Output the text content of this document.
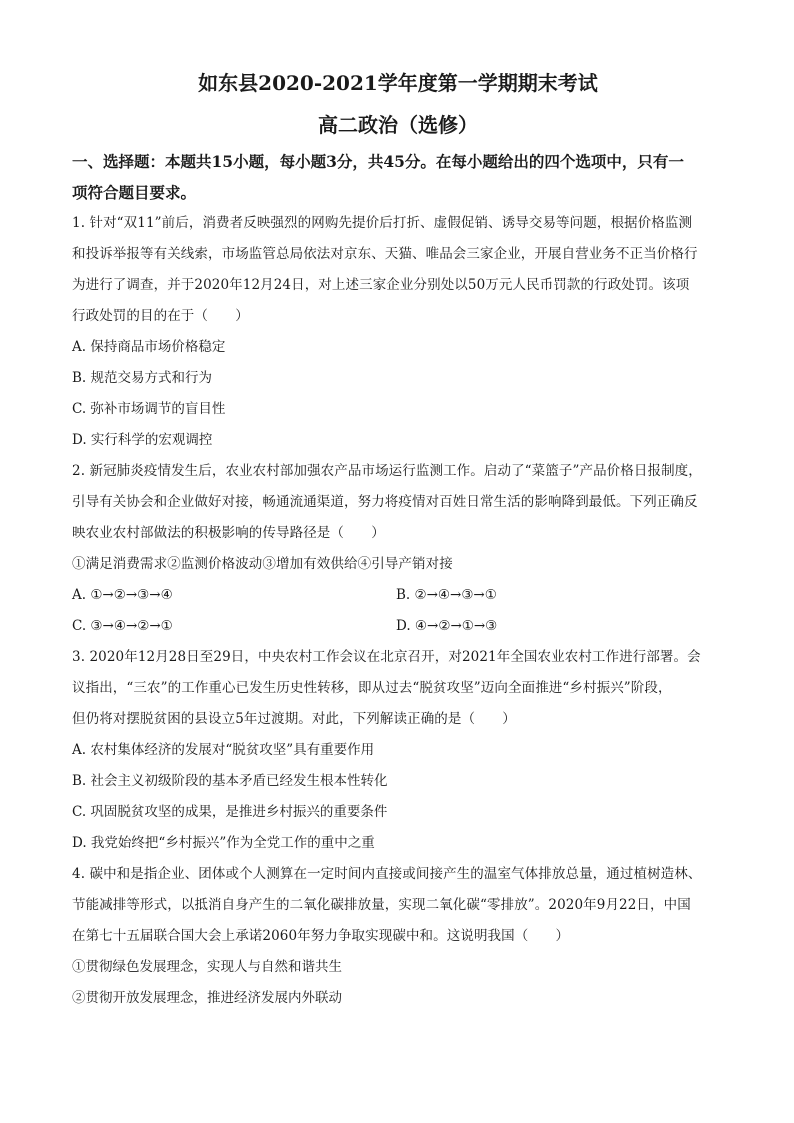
如东县2020-2021学年度第一学期期末考试
高二政治（选修）
一、选择题：本题共15小题，每小题3分，共45分。在每小题给出的四个选项中，只有一
项符合题目要求。

1. 针对“双11”前后，消费者反映强烈的网购先提价后打折、虚假促销、诱导交易等问题，根据价格监测

和投诉举报等有关线索，市场监管总局依法对京东、天猫、唯品会三家企业，开展自营业务不正当价格行

为进行了调查，并于2020年12月24日，对上述三家企业分别处以50万元人民币罚款的行政处罚。该项

行政处罚的目的在于（　　）

A. 保持商品市场价格稳定

B. 规范交易方式和行为

C. 弥补市场调节的盲目性

D. 实行科学的宏观调控

2. 新冠肺炎疫情发生后，农业农村部加强农产品市场运行监测工作。启动了“菜篮子”产品价格日报制度，

引导有关协会和企业做好对接，畅通流通渠道，努力将疫情对百姓日常生活的影响降到最低。下列正确反

映农业农村部做法的积极影响的传导路径是（　　）

①满足消费需求②监测价格波动③增加有效供给④引导产销对接

A. ①→②→③→④	B. ②→④→③→①
C. ③→④→②→①	D. ④→②→①→③

3. 2020年12月28日至29日，中央农村工作会议在北京召开，对2021年全国农业农村工作进行部署。会

议指出，“三农”的工作重心已发生历史性转移，即从过去“脱贫攻坚”迈向全面推进“乡村振兴”阶段，

但仍将对摆脱贫困的县设立5年过渡期。对此，下列解读正确的是（　　）

A. 农村集体经济的发展对“脱贫攻坚”具有重要作用

B. 社会主义初级阶段的基本矛盾已经发生根本性转化

C. 巩固脱贫攻坚的成果，是推进乡村振兴的重要条件

D. 我党始终把“乡村振兴”作为全党工作的重中之重

4. 碳中和是指企业、团体或个人测算在一定时间内直接或间接产生的温室气体排放总量，通过植树造林、

节能减排等形式，以抵消自身产生的二氧化碳排放量，实现二氧化碳“零排放”。2020年9月22日，中国

在第七十五届联合国大会上承诺2060年努力争取实现碳中和。这说明我国（　　）

①贯彻绿色发展理念，实现人与自然和谐共生

②贯彻开放发展理念，推进经济发展内外联动
